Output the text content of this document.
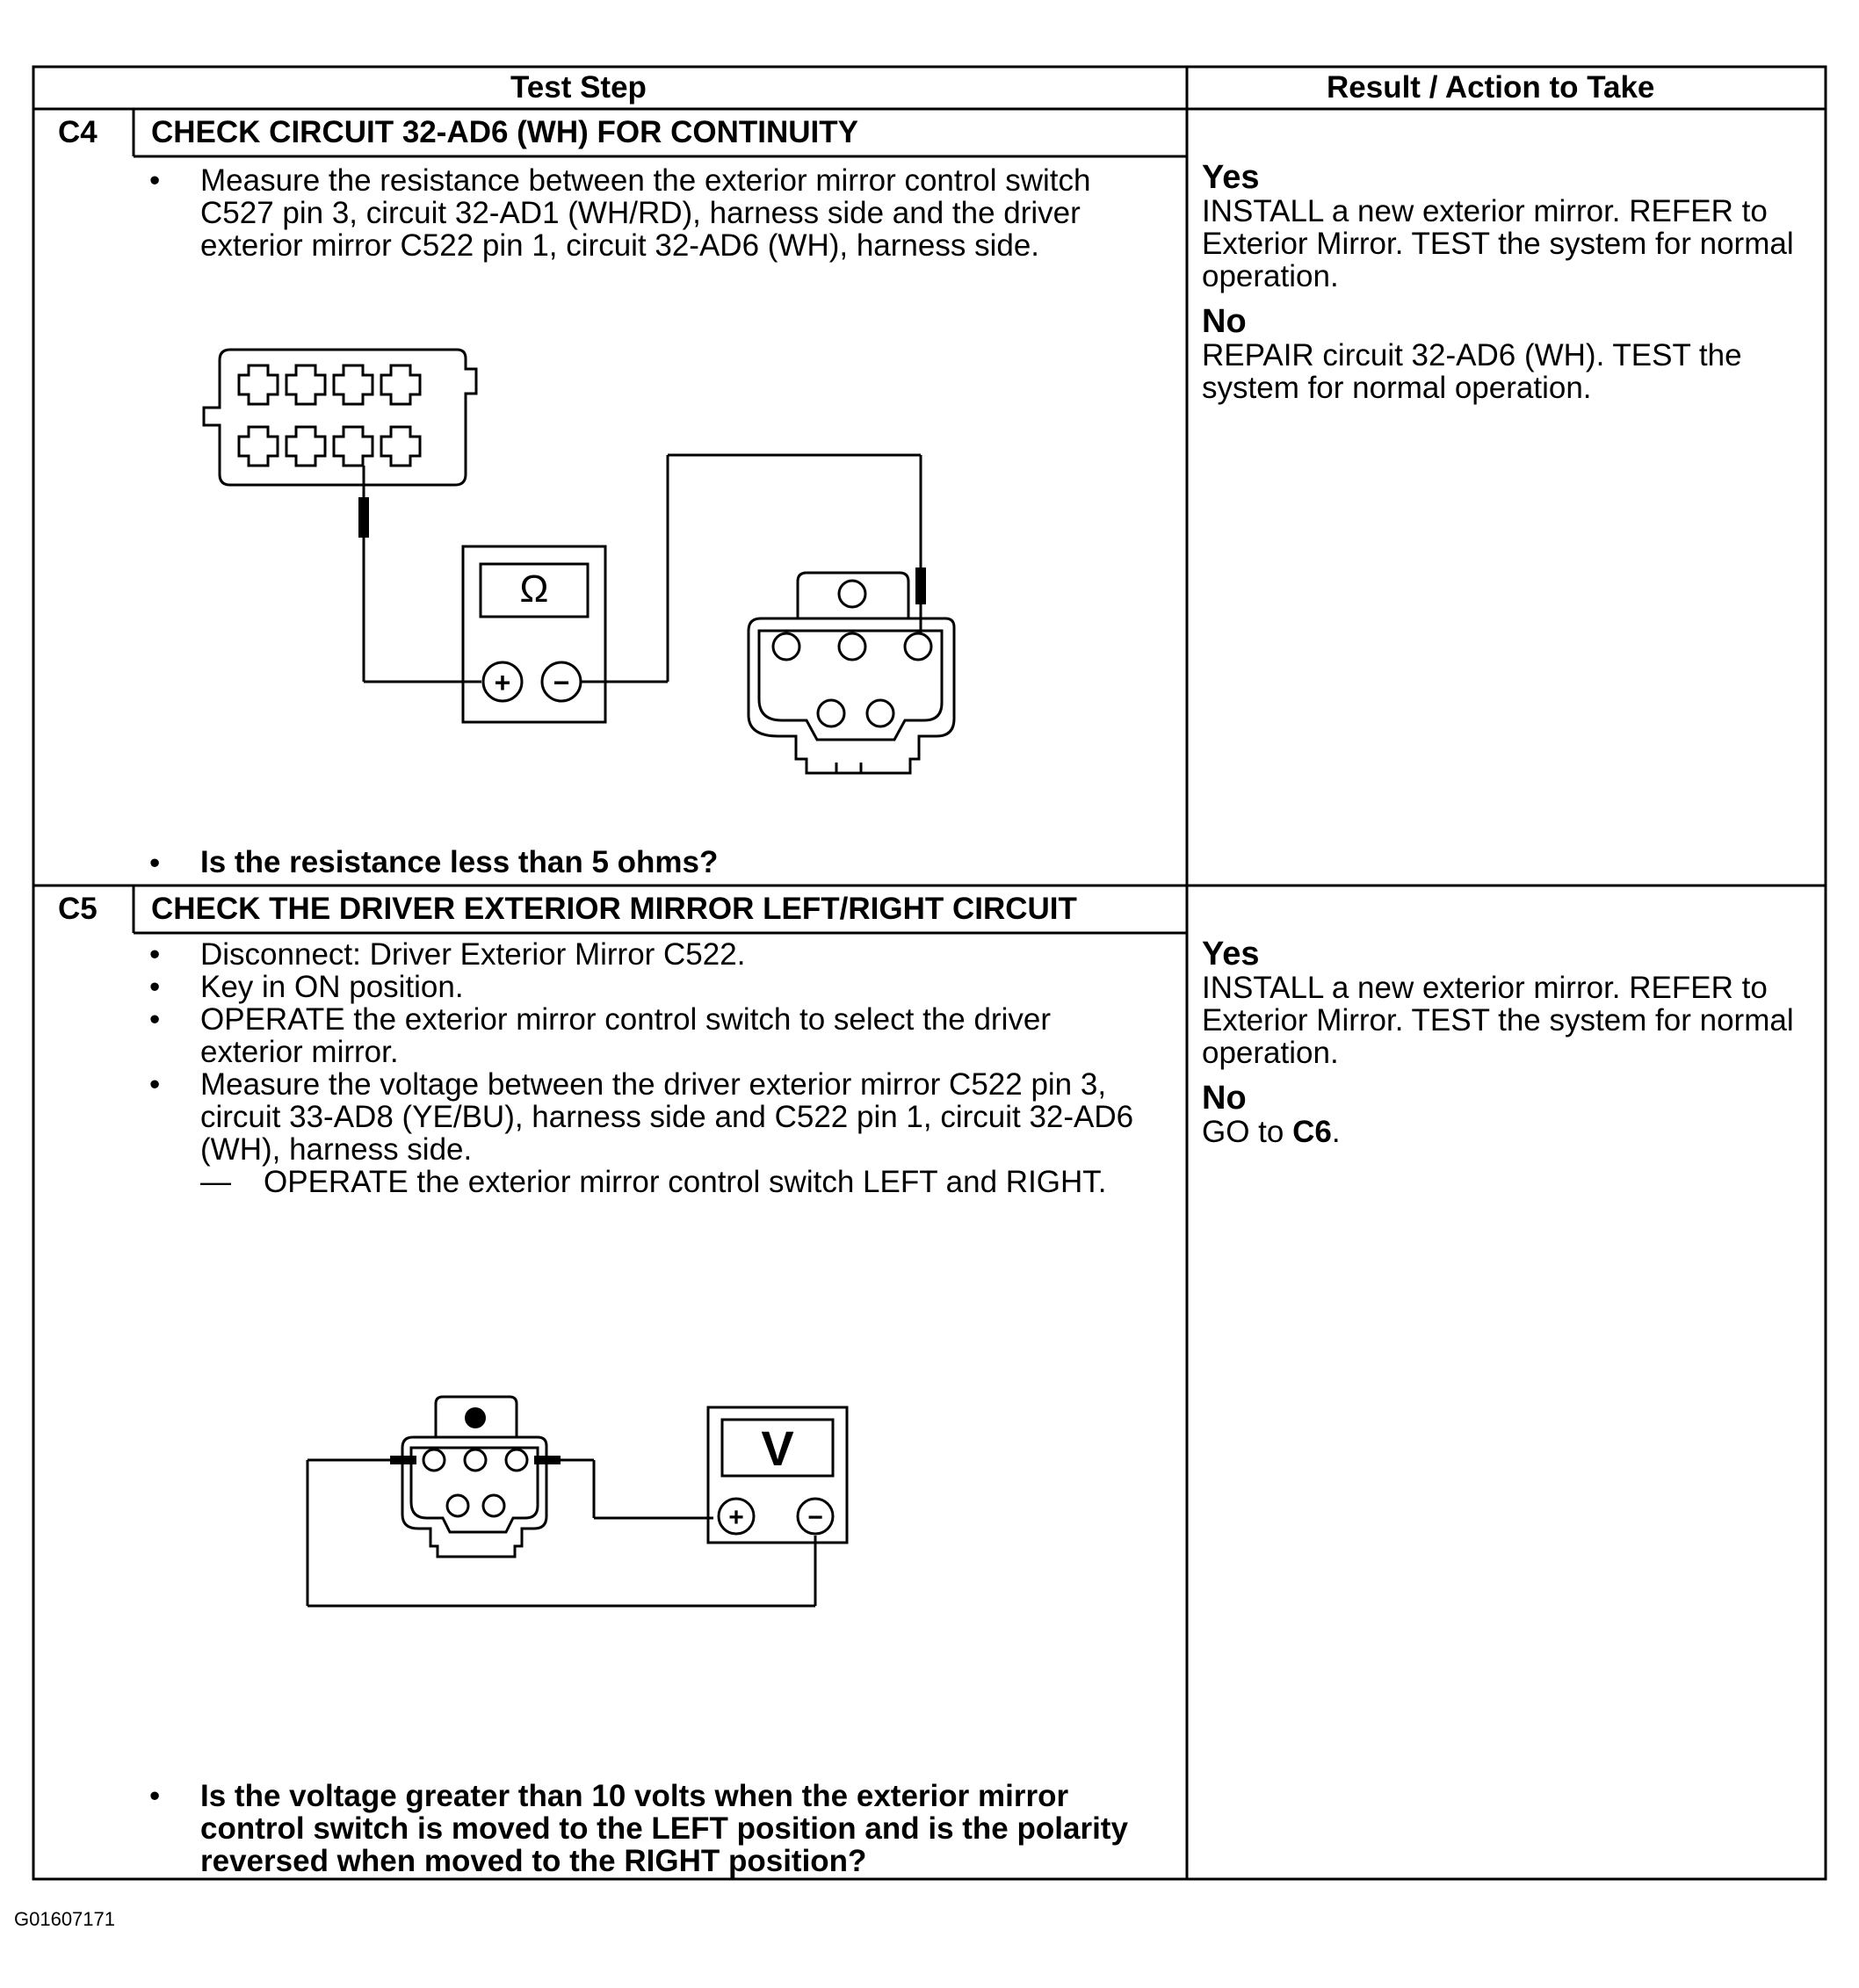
Test Step	Result / Action to Take
C4 CHECK CIRCUIT 32-AD6 (WH) FOR CONTINUITY
• Measure the resistance between the exterior mirror control switch C527 pin 3, circuit 32-AD1 (WH/RD), harness side and the driver exterior mirror C522 pin 1, circuit 32-AD6 (WH), harness side.
Ω
+ −
• Is the resistance less than 5 ohms?
Yes
INSTALL a new exterior mirror. REFER to Exterior Mirror. TEST the system for normal operation.
No
REPAIR circuit 32-AD6 (WH). TEST the system for normal operation.
C5 CHECK THE DRIVER EXTERIOR MIRROR LEFT/RIGHT CIRCUIT
• Disconnect: Driver Exterior Mirror C522.
• Key in ON position.
• OPERATE the exterior mirror control switch to select the driver exterior mirror.
• Measure the voltage between the driver exterior mirror C522 pin 3, circuit 33-AD8 (YE/BU), harness side and C522 pin 1, circuit 32-AD6 (WH), harness side.
— OPERATE the exterior mirror control switch LEFT and RIGHT.
V
+ −
• Is the voltage greater than 10 volts when the exterior mirror control switch is moved to the LEFT position and is the polarity reversed when moved to the RIGHT position?
Yes
INSTALL a new exterior mirror. REFER to Exterior Mirror. TEST the system for normal operation.
No
GO to C6.
G01607171
